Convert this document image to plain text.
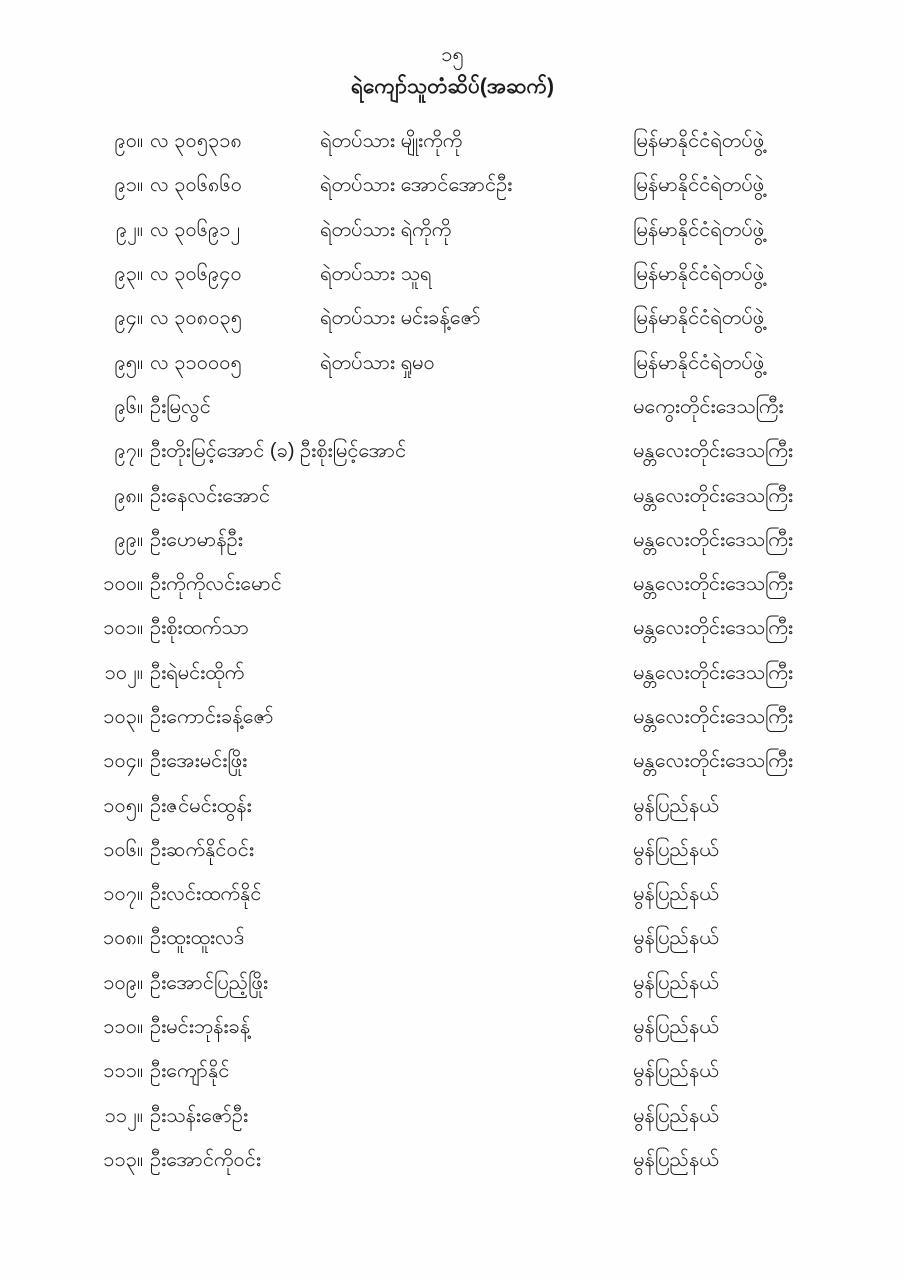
၁၅
ရဲကျော်သူတံဆိပ်(အဆက်)
၉၀။ လ ၃၀၅၃၁၈	ရဲတပ်သား မျိုးကိုကို	မြန်မာနိုင်ငံရဲတပ်ဖွဲ့
၉၁။ လ ၃၀၆၈၆၀	ရဲတပ်သား အောင်အောင်ဦး	မြန်မာနိုင်ငံရဲတပ်ဖွဲ့
၉၂။ လ ၃၀၆၉၁၂	ရဲတပ်သား ရဲကိုကို	မြန်မာနိုင်ငံရဲတပ်ဖွဲ့
၉၃။ လ ၃၀၆၉၄၀	ရဲတပ်သား သူရ	မြန်မာနိုင်ငံရဲတပ်ဖွဲ့
၉၄။ လ ၃၀၈၀၃၅	ရဲတပ်သား မင်းခန့်ဇော်	မြန်မာနိုင်ငံရဲတပ်ဖွဲ့
၉၅။ လ ၃၁၀၀၀၅	ရဲတပ်သား ရှုမဝ	မြန်မာနိုင်ငံရဲတပ်ဖွဲ့
၉၆။ ဦးမြလွင်	မကွေးတိုင်းဒေသကြီး
၉၇။ ဦးတိုးမြင့်အောင် (ခ) ဦးစိုးမြင့်အောင်	မန္တလေးတိုင်းဒေသကြီး
၉၈။ ဦးနေလင်းအောင်	မန္တလေးတိုင်းဒေသကြီး
၉၉။ ဦးဟေမာန်ဦး	မန္တလေးတိုင်းဒေသကြီး
၁၀၀။ ဦးကိုကိုလင်းမောင်	မန္တလေးတိုင်းဒေသကြီး
၁၀၁။ ဦးစိုးထက်သာ	မန္တလေးတိုင်းဒေသကြီး
၁၀၂။ ဦးရဲမင်းထိုက်	မန္တလေးတိုင်းဒေသကြီး
၁၀၃။ ဦးကောင်းခန့်ဇော်	မန္တလေးတိုင်းဒေသကြီး
၁၀၄။ ဦးအေးမင်းဖြိုး	မန္တလေးတိုင်းဒေသကြီး
၁၀၅။ ဦးဇင်မင်းထွန်း	မွန်ပြည်နယ်
၁၀၆။ ဦးဆက်နိုင်ဝင်း	မွန်ပြည်နယ်
၁၀၇။ ဦးလင်းထက်နိုင်	မွန်ပြည်နယ်
၁၀၈။ ဦးထူးထူးလဒ်	မွန်ပြည်နယ်
၁၀၉။ ဦးအောင်ပြည့်ဖြိုး	မွန်ပြည်နယ်
၁၁၀။ ဦးမင်းဘုန်းခန့်	မွန်ပြည်နယ်
၁၁၁။ ဦးကျော်နိုင်	မွန်ပြည်နယ်
၁၁၂။ ဦးသန်းဇော်ဦး	မွန်ပြည်နယ်
၁၁၃။ ဦးအောင်ကိုဝင်း	မွန်ပြည်နယ်
